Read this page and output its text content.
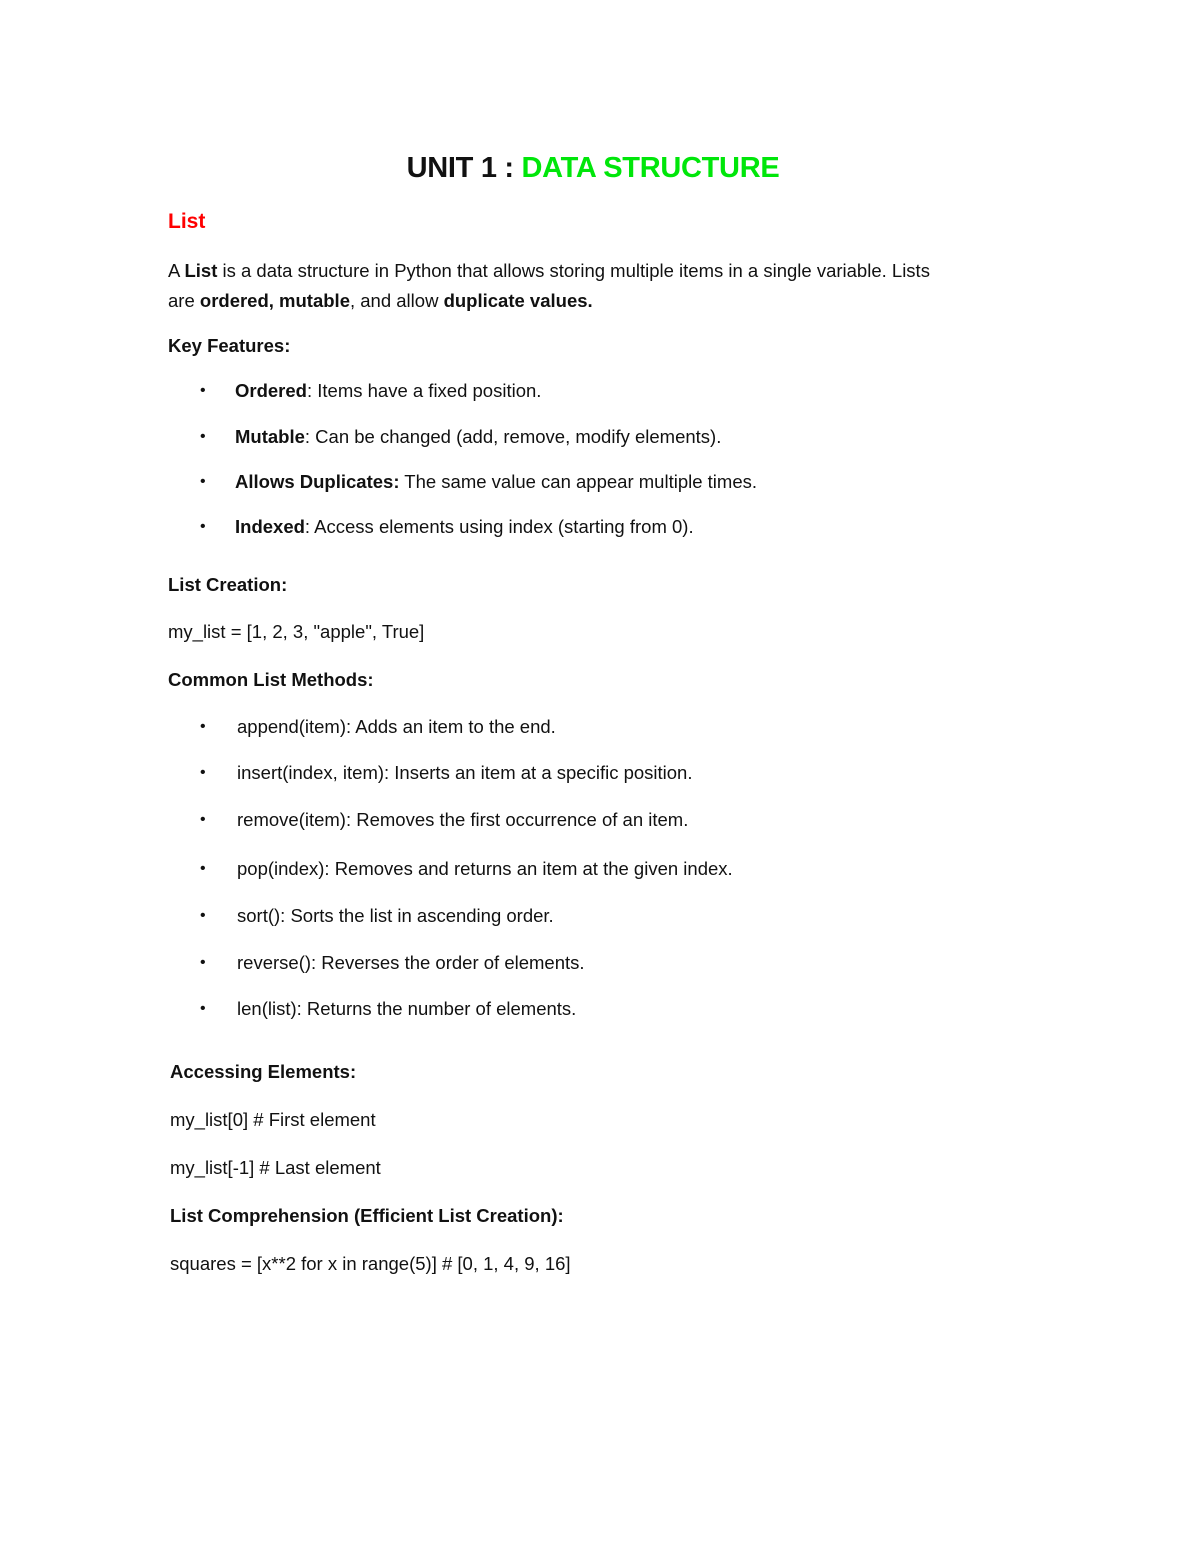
UNIT 1 : DATA STRUCTURE
List
A List is a data structure in Python that allows storing multiple items in a single variable. Lists
are ordered, mutable, and allow duplicate values.
Key Features:
•	Ordered: Items have a fixed position.
•	Mutable: Can be changed (add, remove, modify elements).
•	Allows Duplicates: The same value can appear multiple times.
•	Indexed: Access elements using index (starting from 0).
List Creation:
my_list = [1, 2, 3, "apple", True]
Common List Methods:
•	append(item): Adds an item to the end.
•	insert(index, item): Inserts an item at a specific position.
•	remove(item): Removes the first occurrence of an item.
•	pop(index): Removes and returns an item at the given index.
•	sort(): Sorts the list in ascending order.
•	reverse(): Reverses the order of elements.
•	len(list): Returns the number of elements.
Accessing Elements:
my_list[0] # First element
my_list[-1] # Last element
List Comprehension (Efficient List Creation):
squares = [x**2 for x in range(5)] # [0, 1, 4, 9, 16]
